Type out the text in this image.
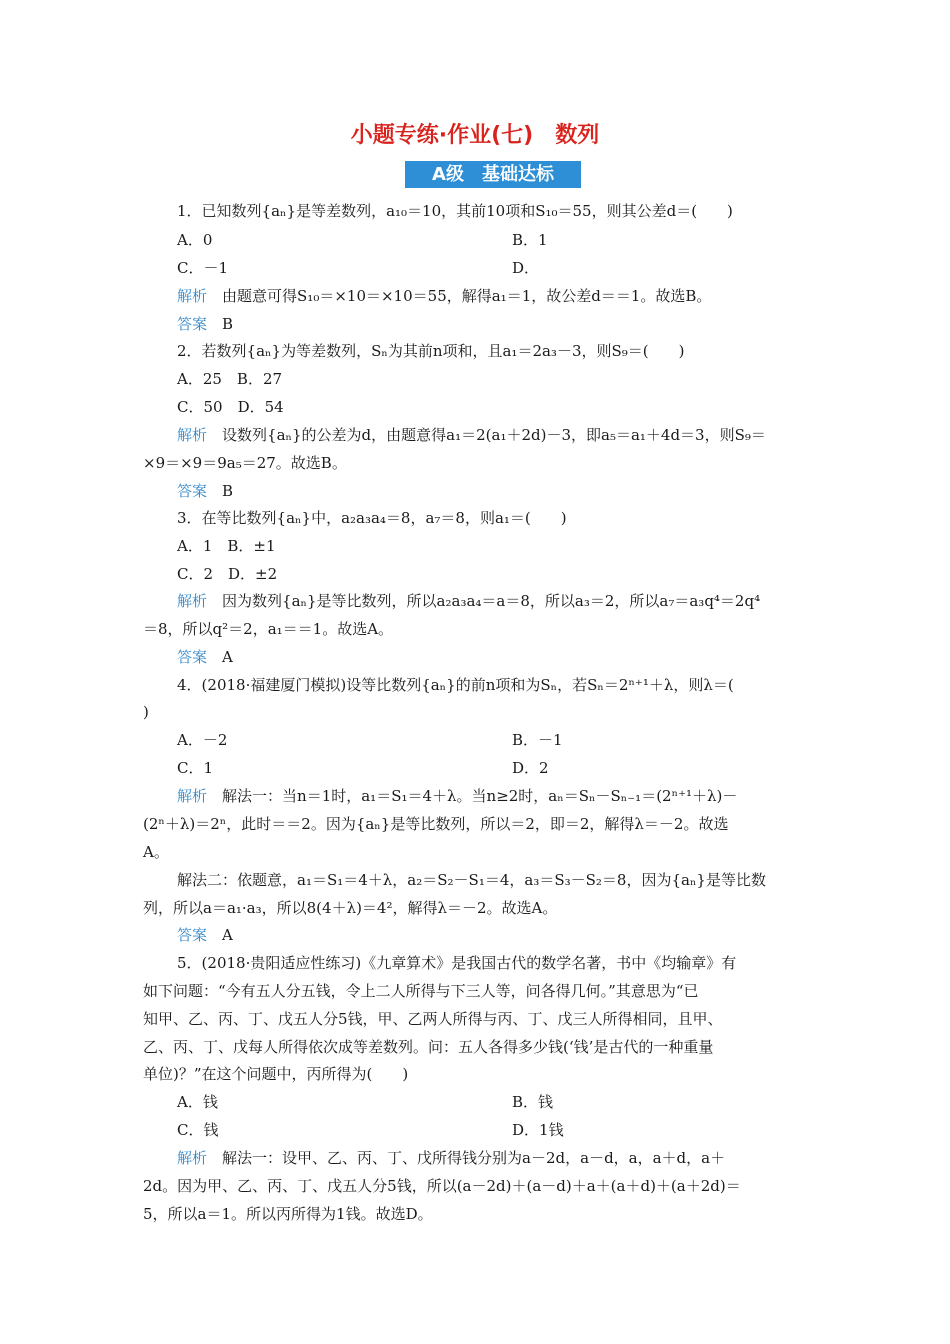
小题专练·作业(七)　数列
A级　基础达标
1．已知数列{aₙ}是等差数列，a₁₀＝10，其前10项和S₁₀＝55，则其公差d＝(　　)
A．0	B．1
C．－1	D．
解析　 由题意可得S₁₀＝×10＝×10＝55，解得a₁＝1，故公差d＝＝1。故选B。
答案　 B
2．若数列{aₙ}为等差数列，Sₙ为其前n项和，且a₁＝2a₃－3，则S₉＝(　　)
A．25　B．27
C．50　D．54
解析　 设数列{aₙ}的公差为d，由题意得a₁＝2(a₁＋2d)－3，即a₅＝a₁＋4d＝3，则S₉＝
×9＝×9＝9a₅＝27。故选B。
答案　 B
3．在等比数列{aₙ}中，a₂a₃a₄＝8，a₇＝8，则a₁＝(　　)
A．1　B．±1
C．2　D．±2
解析　 因为数列{aₙ}是等比数列，所以a₂a₃a₄＝a＝8，所以a₃＝2，所以a₇＝a₃q⁴＝2q⁴
＝8，所以q²＝2，a₁＝＝1。故选A。
答案　 A
4．(2018·福建厦门模拟)设等比数列{aₙ}的前n项和为Sₙ，若Sₙ＝2ⁿ⁺¹＋λ，则λ＝(
)
A．－2	B．－1
C．1	D．2
解析　 解法一：当n＝1时，a₁＝S₁＝4＋λ。当n≥2时，aₙ＝Sₙ－Sₙ₋₁＝(2ⁿ⁺¹＋λ)－
(2ⁿ＋λ)＝2ⁿ，此时＝＝2。因为{aₙ}是等比数列，所以＝2，即＝2，解得λ＝－2。故选
A。
解法二：依题意，a₁＝S₁＝4＋λ，a₂＝S₂－S₁＝4，a₃＝S₃－S₂＝8，因为{aₙ}是等比数
列，所以a＝a₁·a₃，所以8(4＋λ)＝4²，解得λ＝－2。故选A。
答案　 A
5．(2018·贵阳适应性练习)《九章算术》是我国古代的数学名著，书中《均输章》有
如下问题：“今有五人分五钱，令上二人所得与下三人等，问各得几何。”其意思为“已
知甲、乙、丙、丁、戊五人分5钱，甲、乙两人所得与丙、丁、戊三人所得相同，且甲、
乙、丙、丁、戊每人所得依次成等差数列。问：五人各得多少钱(‘钱’是古代的一种重量
单位)？”在这个问题中，丙所得为(　　)
A．钱	B．钱
C．钱	D．1钱
解析　 解法一：设甲、乙、丙、丁、戊所得钱分别为a－2d，a－d，a，a＋d，a＋
2d。因为甲、乙、丙、丁、戊五人分5钱，所以(a－2d)＋(a－d)＋a＋(a＋d)＋(a＋2d)＝
5，所以a＝1。所以丙所得为1钱。故选D。
